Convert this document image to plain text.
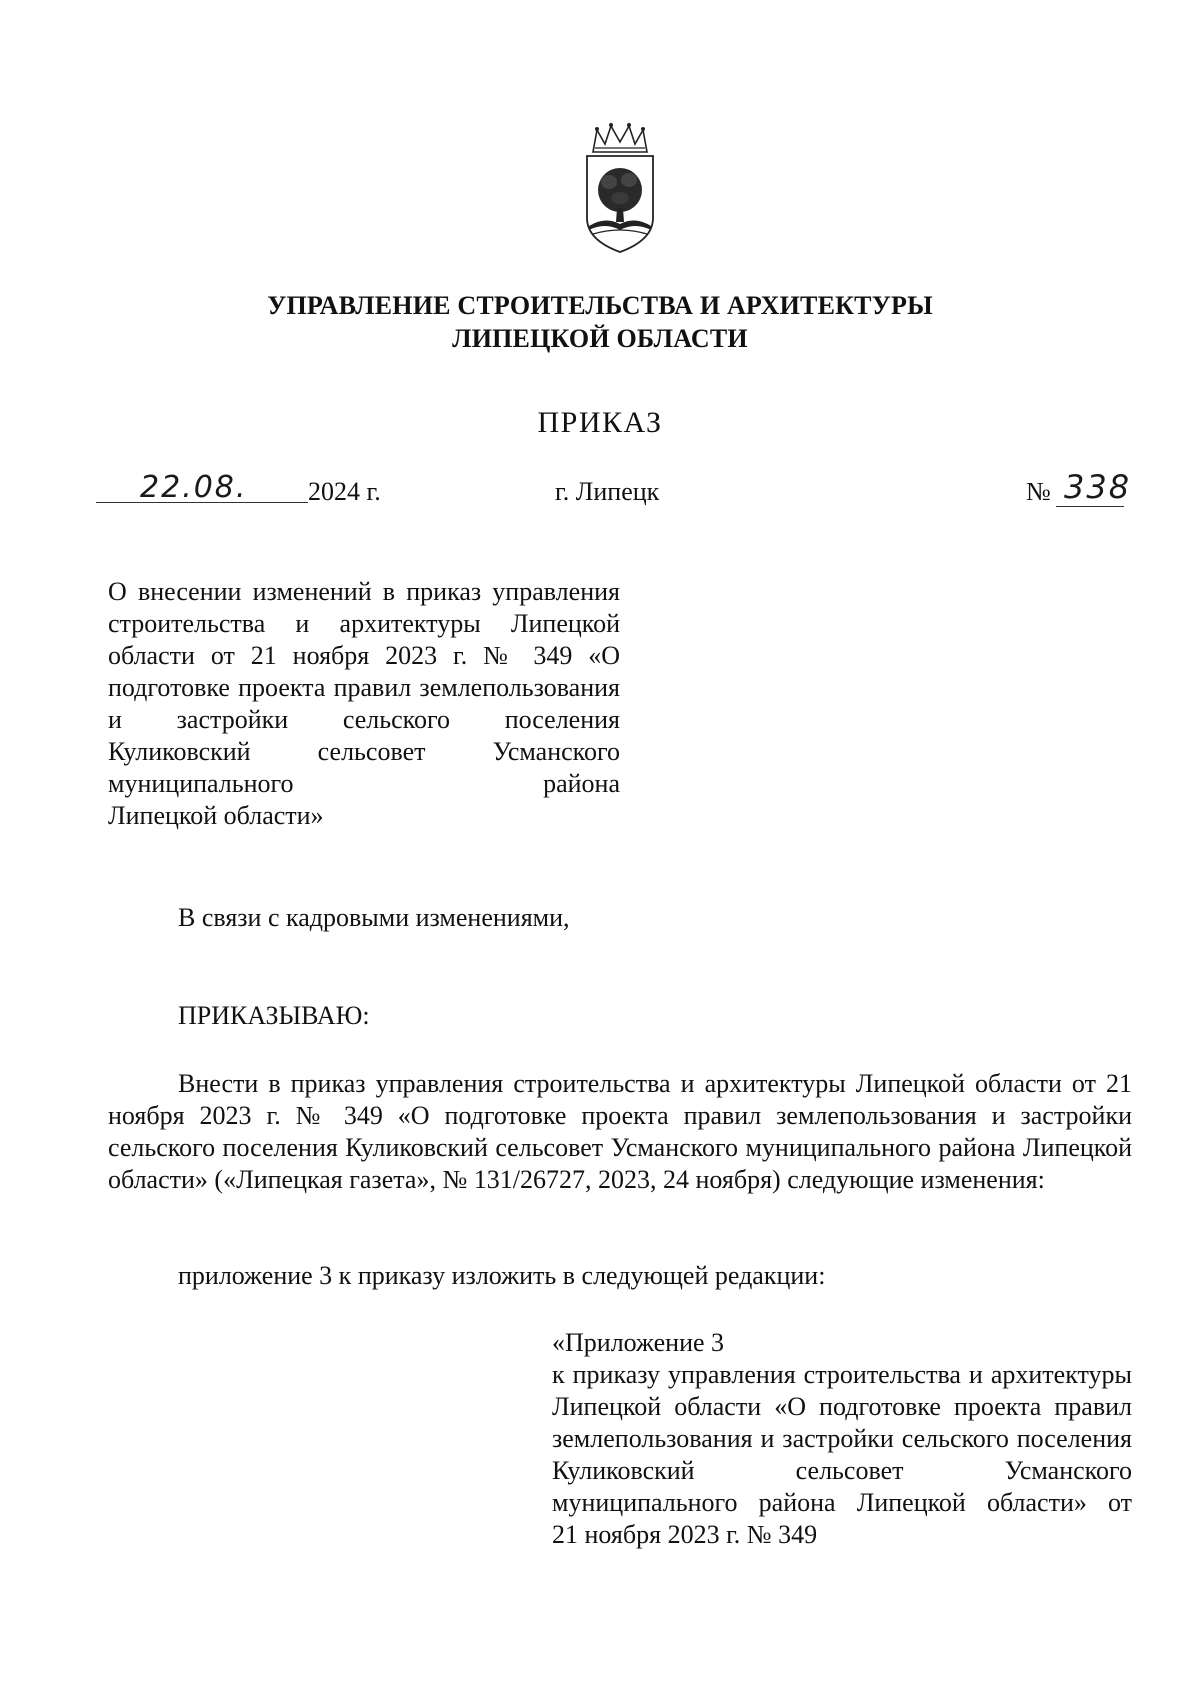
УПРАВЛЕНИЕ СТРОИТЕЛЬСТВА И АРХИТЕКТУРЫ
ЛИПЕЦКОЙ ОБЛАСТИ
ПРИКАЗ
22.08. 2024 г.	г. Липецк	№ 338
О внесении изменений в приказ управления строительства и архитектуры Липецкой области от 21 ноября 2023 г. № 349 «О подготовке проекта правил землепользования и застройки сельского поселения Куликовский сельсовет Усманского муниципального района
Липецкой области»
В связи с кадровыми изменениями,
ПРИКАЗЫВАЮ:
Внести в приказ управления строительства и архитектуры Липецкой области от 21 ноября 2023 г. № 349 «О подготовке проекта правил землепользования и застройки сельского поселения Куликовский сельсовет Усманского муниципального района Липецкой области» («Липецкая газета», № 131/26727, 2023, 24 ноября) следующие изменения:
приложение 3 к приказу изложить в следующей редакции:
«Приложение 3
к приказу управления строительства и архитектуры Липецкой области «О подготовке проекта правил землепользования и застройки сельского поселения Куликовский сельсовет Усманского муниципального района Липецкой области» от
21 ноября 2023 г. № 349
